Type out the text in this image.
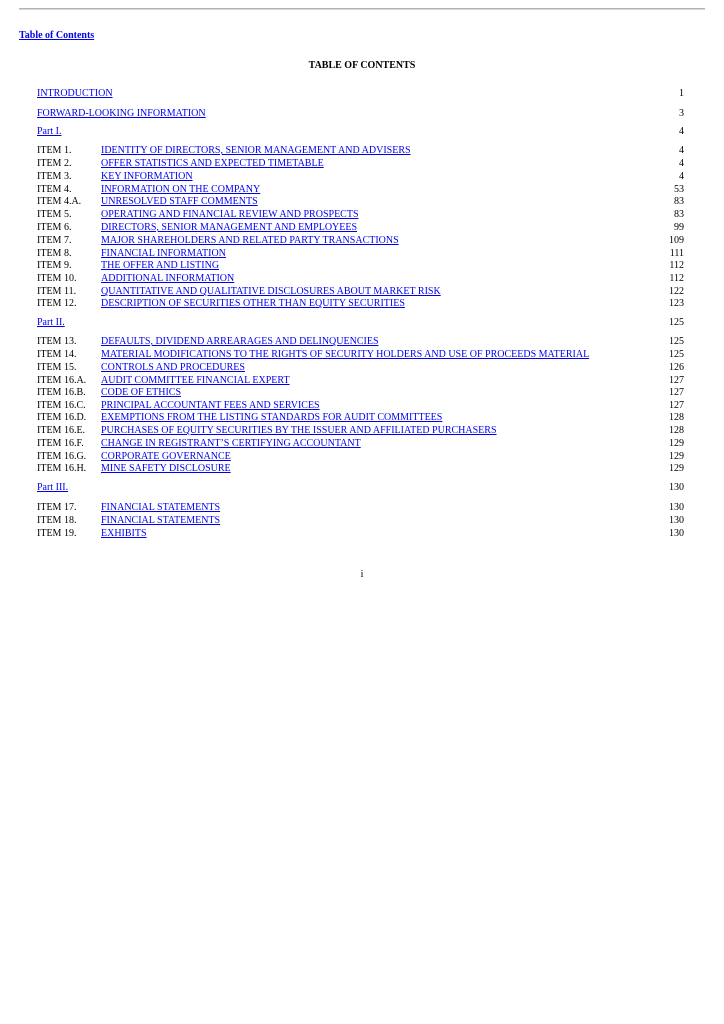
Table of Contents
TABLE OF CONTENTS
INTRODUCTION	1
FORWARD-LOOKING INFORMATION	3
Part I.	4
ITEM 1.	IDENTITY OF DIRECTORS, SENIOR MANAGEMENT AND ADVISERS	4
ITEM 2.	OFFER STATISTICS AND EXPECTED TIMETABLE	4
ITEM 3.	KEY INFORMATION	4
ITEM 4.	INFORMATION ON THE COMPANY	53
ITEM 4.A. UNRESOLVED STAFF COMMENTS	83
ITEM 5.	OPERATING AND FINANCIAL REVIEW AND PROSPECTS	83
ITEM 6.	DIRECTORS, SENIOR MANAGEMENT AND EMPLOYEES	99
ITEM 7.	MAJOR SHAREHOLDERS AND RELATED PARTY TRANSACTIONS	109
ITEM 8.	FINANCIAL INFORMATION	111
ITEM 9.	THE OFFER AND LISTING	112
ITEM 10. ADDITIONAL INFORMATION	112
ITEM 11. QUANTITATIVE AND QUALITATIVE DISCLOSURES ABOUT MARKET RISK	122
ITEM 12. DESCRIPTION OF SECURITIES OTHER THAN EQUITY SECURITIES	123
Part II.	125
ITEM 13. DEFAULTS, DIVIDEND ARREARAGES AND DELINQUENCIES	125
ITEM 14. MATERIAL MODIFICATIONS TO THE RIGHTS OF SECURITY HOLDERS AND USE OF PROCEEDS MATERIAL	125
ITEM 15. CONTROLS AND PROCEDURES	126
ITEM 16.A. AUDIT COMMITTEE FINANCIAL EXPERT	127
ITEM 16.B. CODE OF ETHICS	127
ITEM 16.C. PRINCIPAL ACCOUNTANT FEES AND SERVICES	127
ITEM 16.D. EXEMPTIONS FROM THE LISTING STANDARDS FOR AUDIT COMMITTEES	128
ITEM 16.E. PURCHASES OF EQUITY SECURITIES BY THE ISSUER AND AFFILIATED PURCHASERS	128
ITEM 16.F. CHANGE IN REGISTRANT’S CERTIFYING ACCOUNTANT	129
ITEM 16.G. CORPORATE GOVERNANCE	129
ITEM 16.H. MINE SAFETY DISCLOSURE	129
Part III.	130
ITEM 17. FINANCIAL STATEMENTS	130
ITEM 18. FINANCIAL STATEMENTS	130
ITEM 19. EXHIBITS	130
i
